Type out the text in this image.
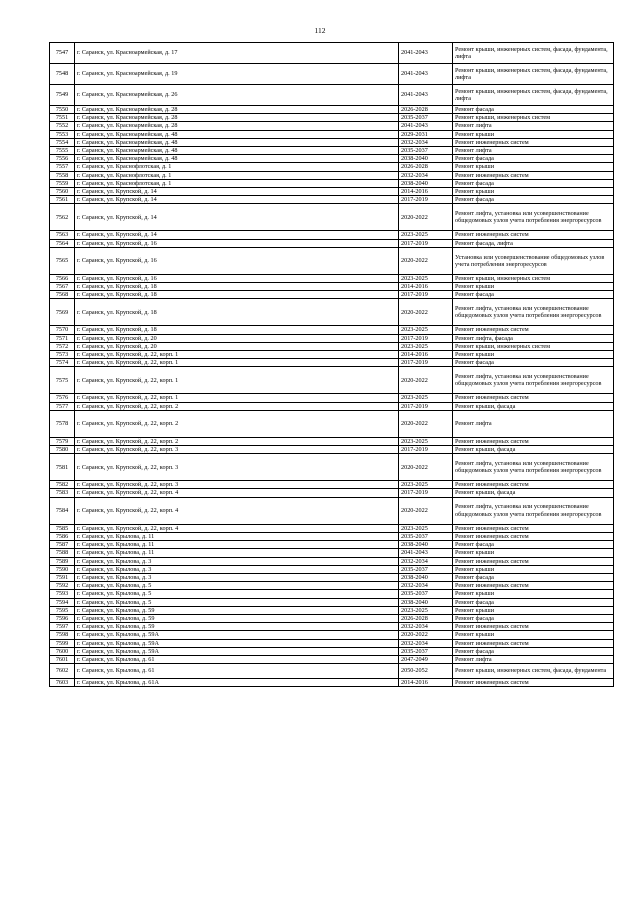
112
7547	г. Саранск, ул. Красноармейская, д. 17	2041-2043	Ремонт крыши, инженерных систем, фасада, фундамента, лифта
7548	г. Саранск, ул. Красноармейская, д. 19	2041-2043	Ремонт крыши, инженерных систем, фасада, фундамента, лифта
7549	г. Саранск, ул. Красноармейская, д. 26	2041-2043	Ремонт крыши, инженерных систем, фасада, фундамента, лифта
7550	г. Саранск, ул. Красноармейская, д. 28	2026-2028	Ремонт фасада
7551	г. Саранск, ул. Красноармейская, д. 28	2035-2037	Ремонт крыши, инженерных систем
7552	г. Саранск, ул. Красноармейская, д. 28	2041-2043	Ремонт лифта
7553	г. Саранск, ул. Красноармейская, д. 48	2029-2031	Ремонт крыши
7554	г. Саранск, ул. Красноармейская, д. 48	2032-2034	Ремонт инженерных систем
7555	г. Саранск, ул. Красноармейская, д. 48	2035-2037	Ремонт лифта
7556	г. Саранск, ул. Красноармейская, д. 48	2038-2040	Ремонт фасада
7557	г. Саранск, ул. Краснофлотская, д. 1	2026-2028	Ремонт крыши
7558	г. Саранск, ул. Краснофлотская, д. 1	2032-2034	Ремонт инженерных систем
7559	г. Саранск, ул. Краснофлотская, д. 1	2038-2040	Ремонт фасада
7560	г. Саранск, ул. Крупской, д. 14	2014-2016	Ремонт крыши
7561	г. Саранск, ул. Крупской, д. 14	2017-2019	Ремонт фасада
7562	г. Саранск, ул. Крупской, д. 14	2020-2022	Ремонт лифта, установка или усовершенствование общедомовых узлов учета потребления энергоресурсов
7563	г. Саранск, ул. Крупской, д. 14	2023-2025	Ремонт инженерных систем
7564	г. Саранск, ул. Крупской, д. 16	2017-2019	Ремонт фасада, лифта
7565	г. Саранск, ул. Крупской, д. 16	2020-2022	Установка или усовершенствование общедомовых узлов учета потребления энергоресурсов
7566	г. Саранск, ул. Крупской, д. 16	2023-2025	Ремонт крыши, инженерных систем
7567	г. Саранск, ул. Крупской, д. 18	2014-2016	Ремонт крыши
7568	г. Саранск, ул. Крупской, д. 18	2017-2019	Ремонт фасада
7569	г. Саранск, ул. Крупской, д. 18	2020-2022	Ремонт лифта, установка или усовершенствование общедомовых узлов учета потребления энергоресурсов
7570	г. Саранск, ул. Крупской, д. 18	2023-2025	Ремонт инженерных систем
7571	г. Саранск, ул. Крупской, д. 20	2017-2019	Ремонт лифта, фасада
7572	г. Саранск, ул. Крупской, д. 20	2023-2025	Ремонт крыши, инженерных систем
7573	г. Саранск, ул. Крупской, д. 22, корп. 1	2014-2016	Ремонт крыши
7574	г. Саранск, ул. Крупской, д. 22, корп. 1	2017-2019	Ремонт фасада
7575	г. Саранск, ул. Крупской, д. 22, корп. 1	2020-2022	Ремонт лифта, установка или усовершенствование общедомовых узлов учета потребления энергоресурсов
7576	г. Саранск, ул. Крупской, д. 22, корп. 1	2023-2025	Ремонт инженерных систем
7577	г. Саранск, ул. Крупской, д. 22, корп. 2	2017-2019	Ремонт крыши, фасада
7578	г. Саранск, ул. Крупской, д. 22, корп. 2	2020-2022	Ремонт лифта
7579	г. Саранск, ул. Крупской, д. 22, корп. 2	2023-2025	Ремонт инженерных систем
7580	г. Саранск, ул. Крупской, д. 22, корп. 3	2017-2019	Ремонт крыши, фасада
7581	г. Саранск, ул. Крупской, д. 22, корп. 3	2020-2022	Ремонт лифта, установка или усовершенствование общедомовых узлов учета потребления энергоресурсов
7582	г. Саранск, ул. Крупской, д. 22, корп. 3	2023-2025	Ремонт инженерных систем
7583	г. Саранск, ул. Крупской, д. 22, корп. 4	2017-2019	Ремонт крыши, фасада
7584	г. Саранск, ул. Крупской, д. 22, корп. 4	2020-2022	Ремонт лифта, установка или усовершенствование общедомовых узлов учета потребления энергоресурсов
7585	г. Саранск, ул. Крупской, д. 22, корп. 4	2023-2025	Ремонт инженерных систем
7586	г. Саранск, ул. Крылова, д. 11	2035-2037	Ремонт инженерных систем
7587	г. Саранск, ул. Крылова, д. 11	2038-2040	Ремонт фасада
7588	г. Саранск, ул. Крылова, д. 11	2041-2043	Ремонт крыши
7589	г. Саранск, ул. Крылова, д. 3	2032-2034	Ремонт инженерных систем
7590	г. Саранск, ул. Крылова, д. 3	2035-2037	Ремонт крыши
7591	г. Саранск, ул. Крылова, д. 3	2038-2040	Ремонт фасада
7592	г. Саранск, ул. Крылова, д. 5	2032-2034	Ремонт инженерных систем
7593	г. Саранск, ул. Крылова, д. 5	2035-2037	Ремонт крыши
7594	г. Саранск, ул. Крылова, д. 5	2038-2040	Ремонт фасада
7595	г. Саранск, ул. Крылова, д. 59	2023-2025	Ремонт крыши
7596	г. Саранск, ул. Крылова, д. 59	2026-2028	Ремонт фасада
7597	г. Саранск, ул. Крылова, д. 59	2032-2034	Ремонт инженерных систем
7598	г. Саранск, ул. Крылова, д. 59А	2020-2022	Ремонт крыши
7599	г. Саранск, ул. Крылова, д. 59А	2032-2034	Ремонт инженерных систем
7600	г. Саранск, ул. Крылова, д. 59А	2035-2037	Ремонт фасада
7601	г. Саранск, ул. Крылова, д. 61	2047-2049	Ремонт лифта
7602	г. Саранск, ул. Крылова, д. 61	2050-2052	Ремонт крыши, инженерных систем, фасада, фундамента
7603	г. Саранск, ул. Крылова, д. 61А	2014-2016	Ремонт инженерных систем
